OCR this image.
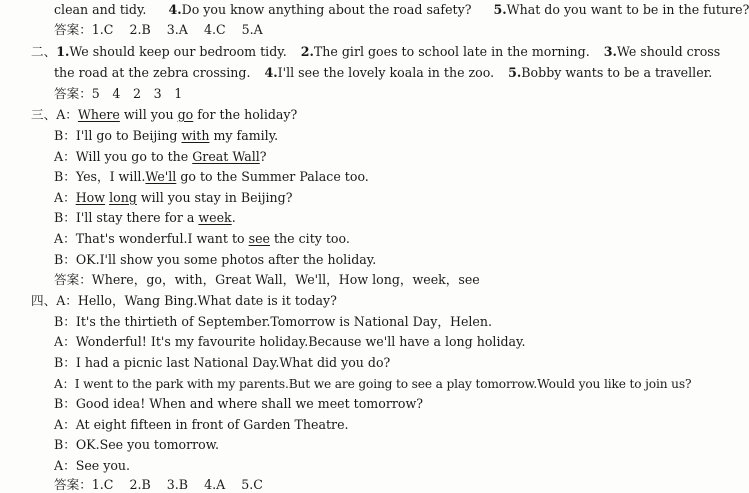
clean and tidy. 4.Do you know anything about the road safety? 5.What do you want to be in the future?
答案：1.C 2.B 3.A 4.C 5.A
二、1.We should keep our bedroom tidy. 2.The girl goes to school late in the morning. 3.We should cross
the road at the zebra crossing. 4.I'll see the lovely koala in the zoo. 5.Bobby wants to be a traveller.
答案：5　4　2　3　1
三、A：Where will you go for the holiday?
B：I'll go to Beijing with my family.
A：Will you go to the Great Wall?
B：Yes，I will.We'll go to the Summer Palace too.
A：How long will you stay in Beijing?
B：I'll stay there for a week.
A：That's wonderful.I want to see the city too.
B：OK.I'll show you some photos after the holiday.
答案：Where，go，with，Great Wall，We'll，How long，week，see
四、A：Hello，Wang Bing.What date is it today?
B：It's the thirtieth of September.Tomorrow is National Day，Helen.
A：Wonderful! It's my favourite holiday.Because we'll have a long holiday.
B：I had a picnic last National Day.What did you do?
A：I went to the park with my parents.But we are going to see a play tomorrow.Would you like to join us?
B：Good idea! When and where shall we meet tomorrow?
A：At eight fifteen in front of Garden Theatre.
B：OK.See you tomorrow.
A：See you.
答案：1.C 2.B 3.B 4.A 5.C
